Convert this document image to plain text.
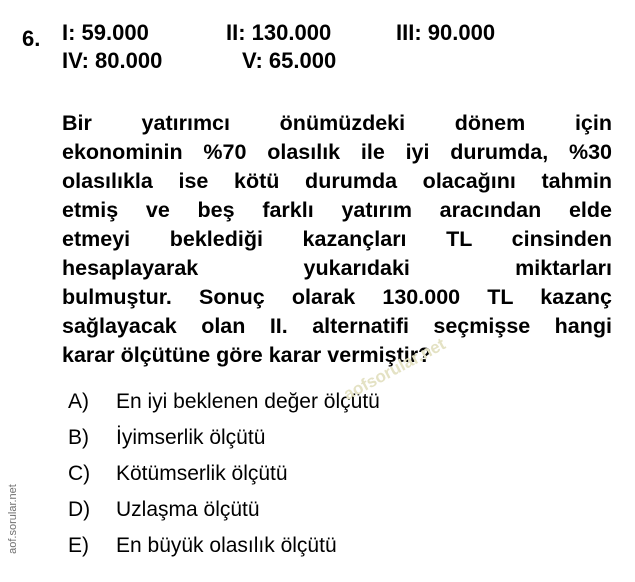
6. I: 59.000	II: 130.000	III: 90.000
IV: 80.000	V: 65.000
Bir yatırımcı önümüzdeki dönem için
ekonominin %70 olasılık ile iyi durumda, %30
olasılıkla ise kötü durumda olacağını tahmin
etmiş ve beş farklı yatırım aracından elde
etmeyi beklediği kazançları TL cinsinden
hesaplayarak yukarıdaki miktarları
bulmuştur. Sonuç olarak 130.000 TL kazanç
sağlayacak olan II. alternatifi seçmişse hangi
karar ölçütüne göre karar vermiştir?
A) En iyi beklenen değer ölçütü
B) İyimserlik ölçütü
C) Kötümserlik ölçütü
D) Uzlaşma ölçütü
E) En büyük olasılık ölçütü
aof.sorular.net
aofsorular.net
